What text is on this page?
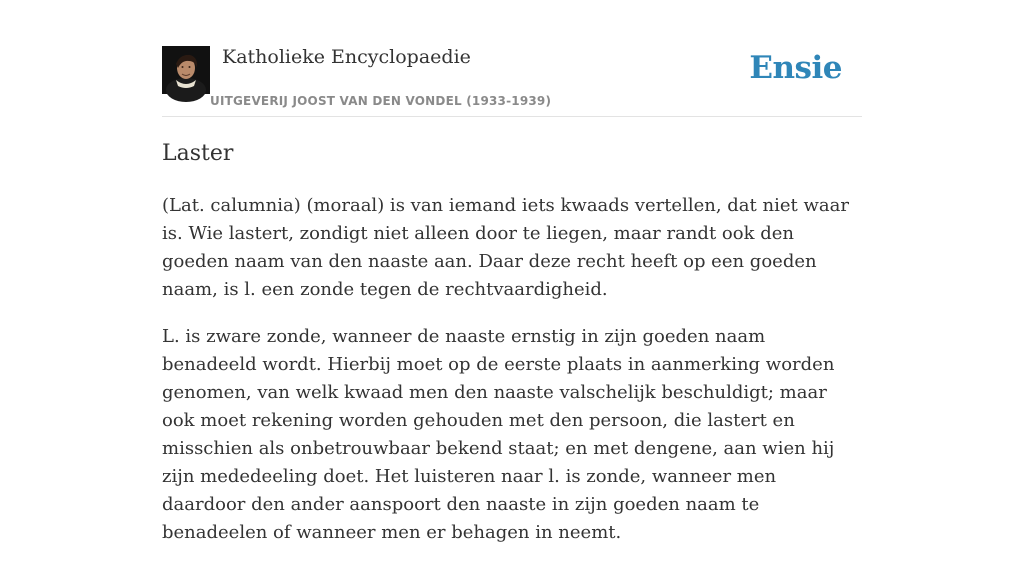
Katholieke Encyclopaedie
UITGEVERIJ JOOST VAN DEN VONDEL (1933-1939)
Ensie
Laster

(Lat. calumnia) (moraal) is van iemand iets kwaads vertellen, dat niet waar is. Wie lastert, zondigt niet alleen door te liegen, maar randt ook den goeden naam van den naaste aan. Daar deze recht heeft op een goeden naam, is l. een zonde tegen de rechtvaardigheid.

L. is zware zonde, wanneer de naaste ernstig in zijn goeden naam benadeeld wordt. Hierbij moet op de eerste plaats in aanmerking worden genomen, van welk kwaad men den naaste valschelijk beschuldigt; maar ook moet rekening worden gehouden met den persoon, die lastert en misschien als onbetrouwbaar bekend staat; en met dengene, aan wien hij zijn mededeeling doet. Het luisteren naar l. is zonde, wanneer men daardoor den ander aanspoort den naaste in zijn goeden naam te benadeelen of wanneer men er behagen in neemt.
